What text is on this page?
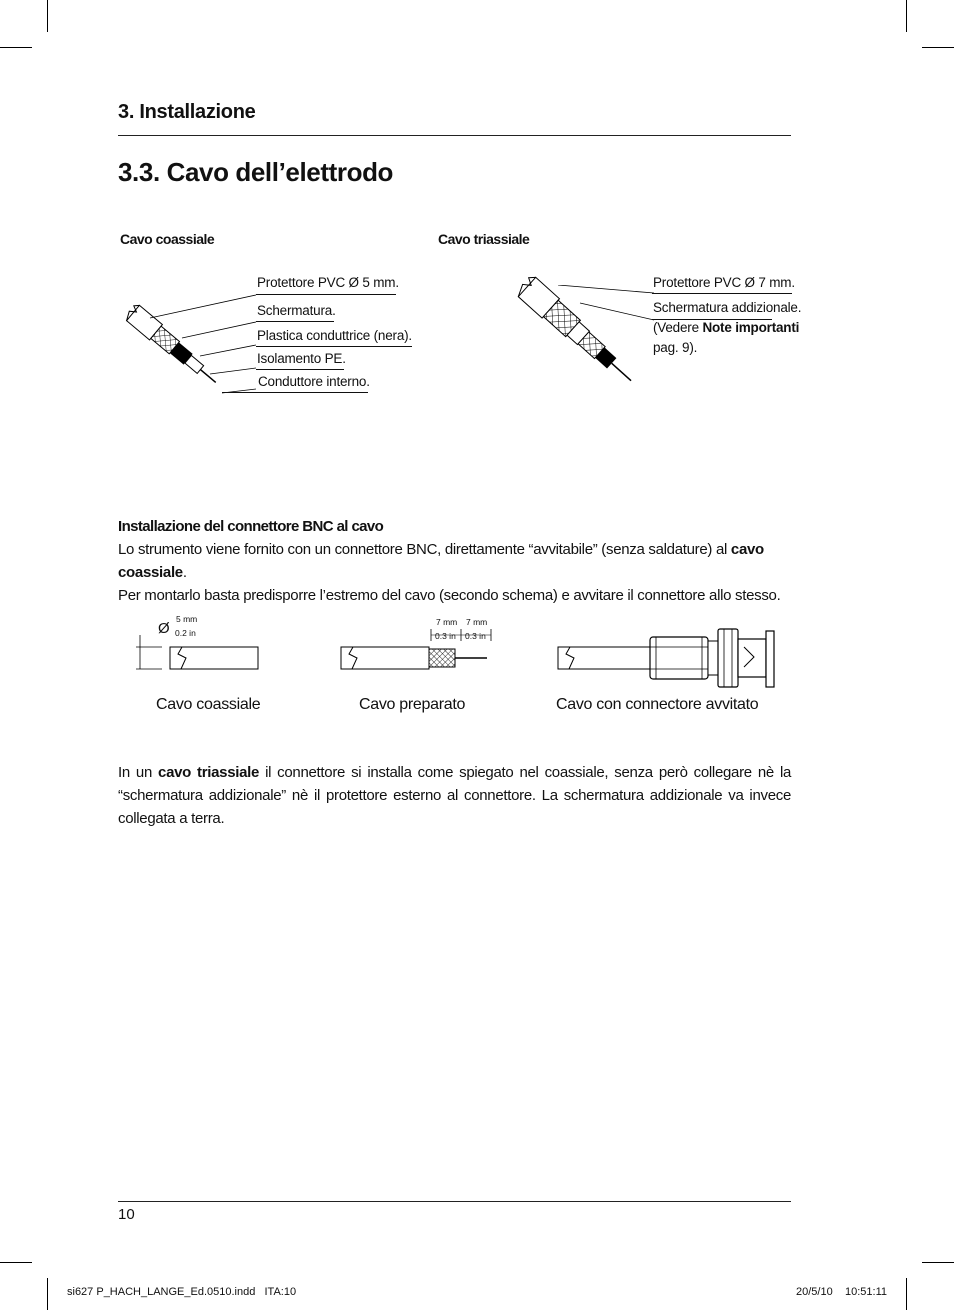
3. Installazione
3.3. Cavo dell’elettrodo
Cavo coassiale
Protettore PVC Ø 5 mm.
Schermatura.
Plastica conduttrice (nera).
Isolamento PE.
Conduttore interno.
Cavo triassiale
Protettore PVC Ø 7 mm.
Schermatura addizionale.
(Vedere Note importanti
pag. 9).
Installazione del connettore BNC al cavo
Lo strumento viene fornito con un connettore BNC, direttamente “avvitabile” (senza saldature) al cavo coassiale.
Per montarlo basta predisporre l’estremo del cavo (secondo schema) e avvitare il connettore allo stesso.
Ø
5 mm
0.2 in
7 mm
0.3 in
7 mm
0.3 in
Cavo coassiale	Cavo preparato	Cavo con connectore avvitato
In un cavo triassiale il connettore si installa come spiegato nel coassiale, senza però collegare nè la “schermatura addizionale” nè il protettore esterno al connettore. La schermatura addizionale va invece collegata a terra.
10
si627 P_HACH_LANGE_Ed.0510.indd   ITA:10	20/5/10 10:51:11
